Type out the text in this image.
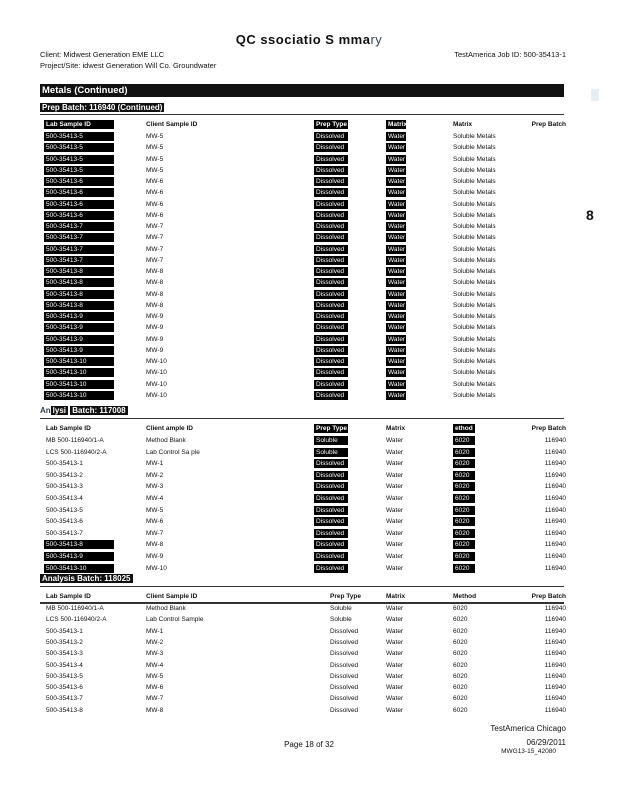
QC ssociatio S mmary
Client: Midwest Generation EME LLC
Project/Site: idwest Generation Will Co. Groundwater
TestAmerica Job ID: 500-35413-1
Metals (Continued)
8
Prep Batch: 116940 (Continued)
Lab Sample ID	Client Sample ID	Prep Type	Matrix	Matrix	Prep Batch
500-35413-5	MW-5	Dissolved	Water	Soluble Metals
500-35413-5	MW-5	Dissolved	Water	Soluble Metals
500-35413-5	MW-5	Dissolved	Water	Soluble Metals
500-35413-5	MW-5	Dissolved	Water	Soluble Metals
500-35413-6	MW-6	Dissolved	Water	Soluble Metals
500-35413-6	MW-6	Dissolved	Water	Soluble Metals
500-35413-6	MW-6	Dissolved	Water	Soluble Metals
500-35413-6	MW-6	Dissolved	Water	Soluble Metals
500-35413-7	MW-7	Dissolved	Water	Soluble Metals
500-35413-7	MW-7	Dissolved	Water	Soluble Metals
500-35413-7	MW-7	Dissolved	Water	Soluble Metals
500-35413-7	MW-7	Dissolved	Water	Soluble Metals
500-35413-8	MW-8	Dissolved	Water	Soluble Metals
500-35413-8	MW-8	Dissolved	Water	Soluble Metals
500-35413-8	MW-8	Dissolved	Water	Soluble Metals
500-35413-8	MW-8	Dissolved	Water	Soluble Metals
500-35413-9	MW-9	Dissolved	Water	Soluble Metals
500-35413-9	MW-9	Dissolved	Water	Soluble Metals
500-35413-9	MW-9	Dissolved	Water	Soluble Metals
500-35413-9	MW-9	Dissolved	Water	Soluble Metals
500-35413-10	MW-10	Dissolved	Water	Soluble Metals
500-35413-10	MW-10	Dissolved	Water	Soluble Metals
500-35413-10	MW-10	Dissolved	Water	Soluble Metals
500-35413-10	MW-10	Dissolved	Water	Soluble Metals
An lysi Batch: 117008
Lab Sample ID	Client ample ID	Prep Type	Matrix	ethod	Prep Batch
MB 500-116940/1-A	Method Blank	Soluble	Water	6020	116940
LCS 500-116940/2-A	Lab Control Sa ple	Soluble	Water	6020	116940
500-35413-1	MW-1	Dissolved	Water	6020	116940
500-35413-2	MW-2	Dissolved	Water	6020	116940
500-35413-3	MW-3	Dissolved	Water	6020	116940
500-35413-4	MW-4	Dissolved	Water	6020	116940
500-35413-5	MW-5	Dissolved	Water	6020	116940
500-35413-6	MW-6	Dissolved	Water	6020	116940
500-35413-7	MW-7	Dissolved	Water	6020	116940
500-35413-8	MW-8	Dissolved	Water	6020	116940
500-35413-9	MW-9	Dissolved	Water	6020	116940
500-35413-10	MW-10	Dissolved	Water	6020	116940
Analysis Batch: 118025
Lab Sample ID	Client Sample ID	Prep Type	Matrix	Method	Prep Batch
MB 500-116940/1-A	Method Blank	Soluble	Water	6020	116940
LCS 500-116940/2-A	Lab Control Sample	Soluble	Water	6020	116940
500-35413-1	MW-1	Dissolved	Water	6020	116940
500-35413-2	MW-2	Dissolved	Water	6020	116940
500-35413-3	MW-3	Dissolved	Water	6020	116940
500-35413-4	MW-4	Dissolved	Water	6020	116940
500-35413-5	MW-5	Dissolved	Water	6020	116940
500-35413-6	MW-6	Dissolved	Water	6020	116940
500-35413-7	MW-7	Dissolved	Water	6020	116940
500-35413-8	MW-8	Dissolved	Water	6020	116940
Page 18 of 32
TestAmerica Chicago
06/29/2011
MWG13-15_42080
